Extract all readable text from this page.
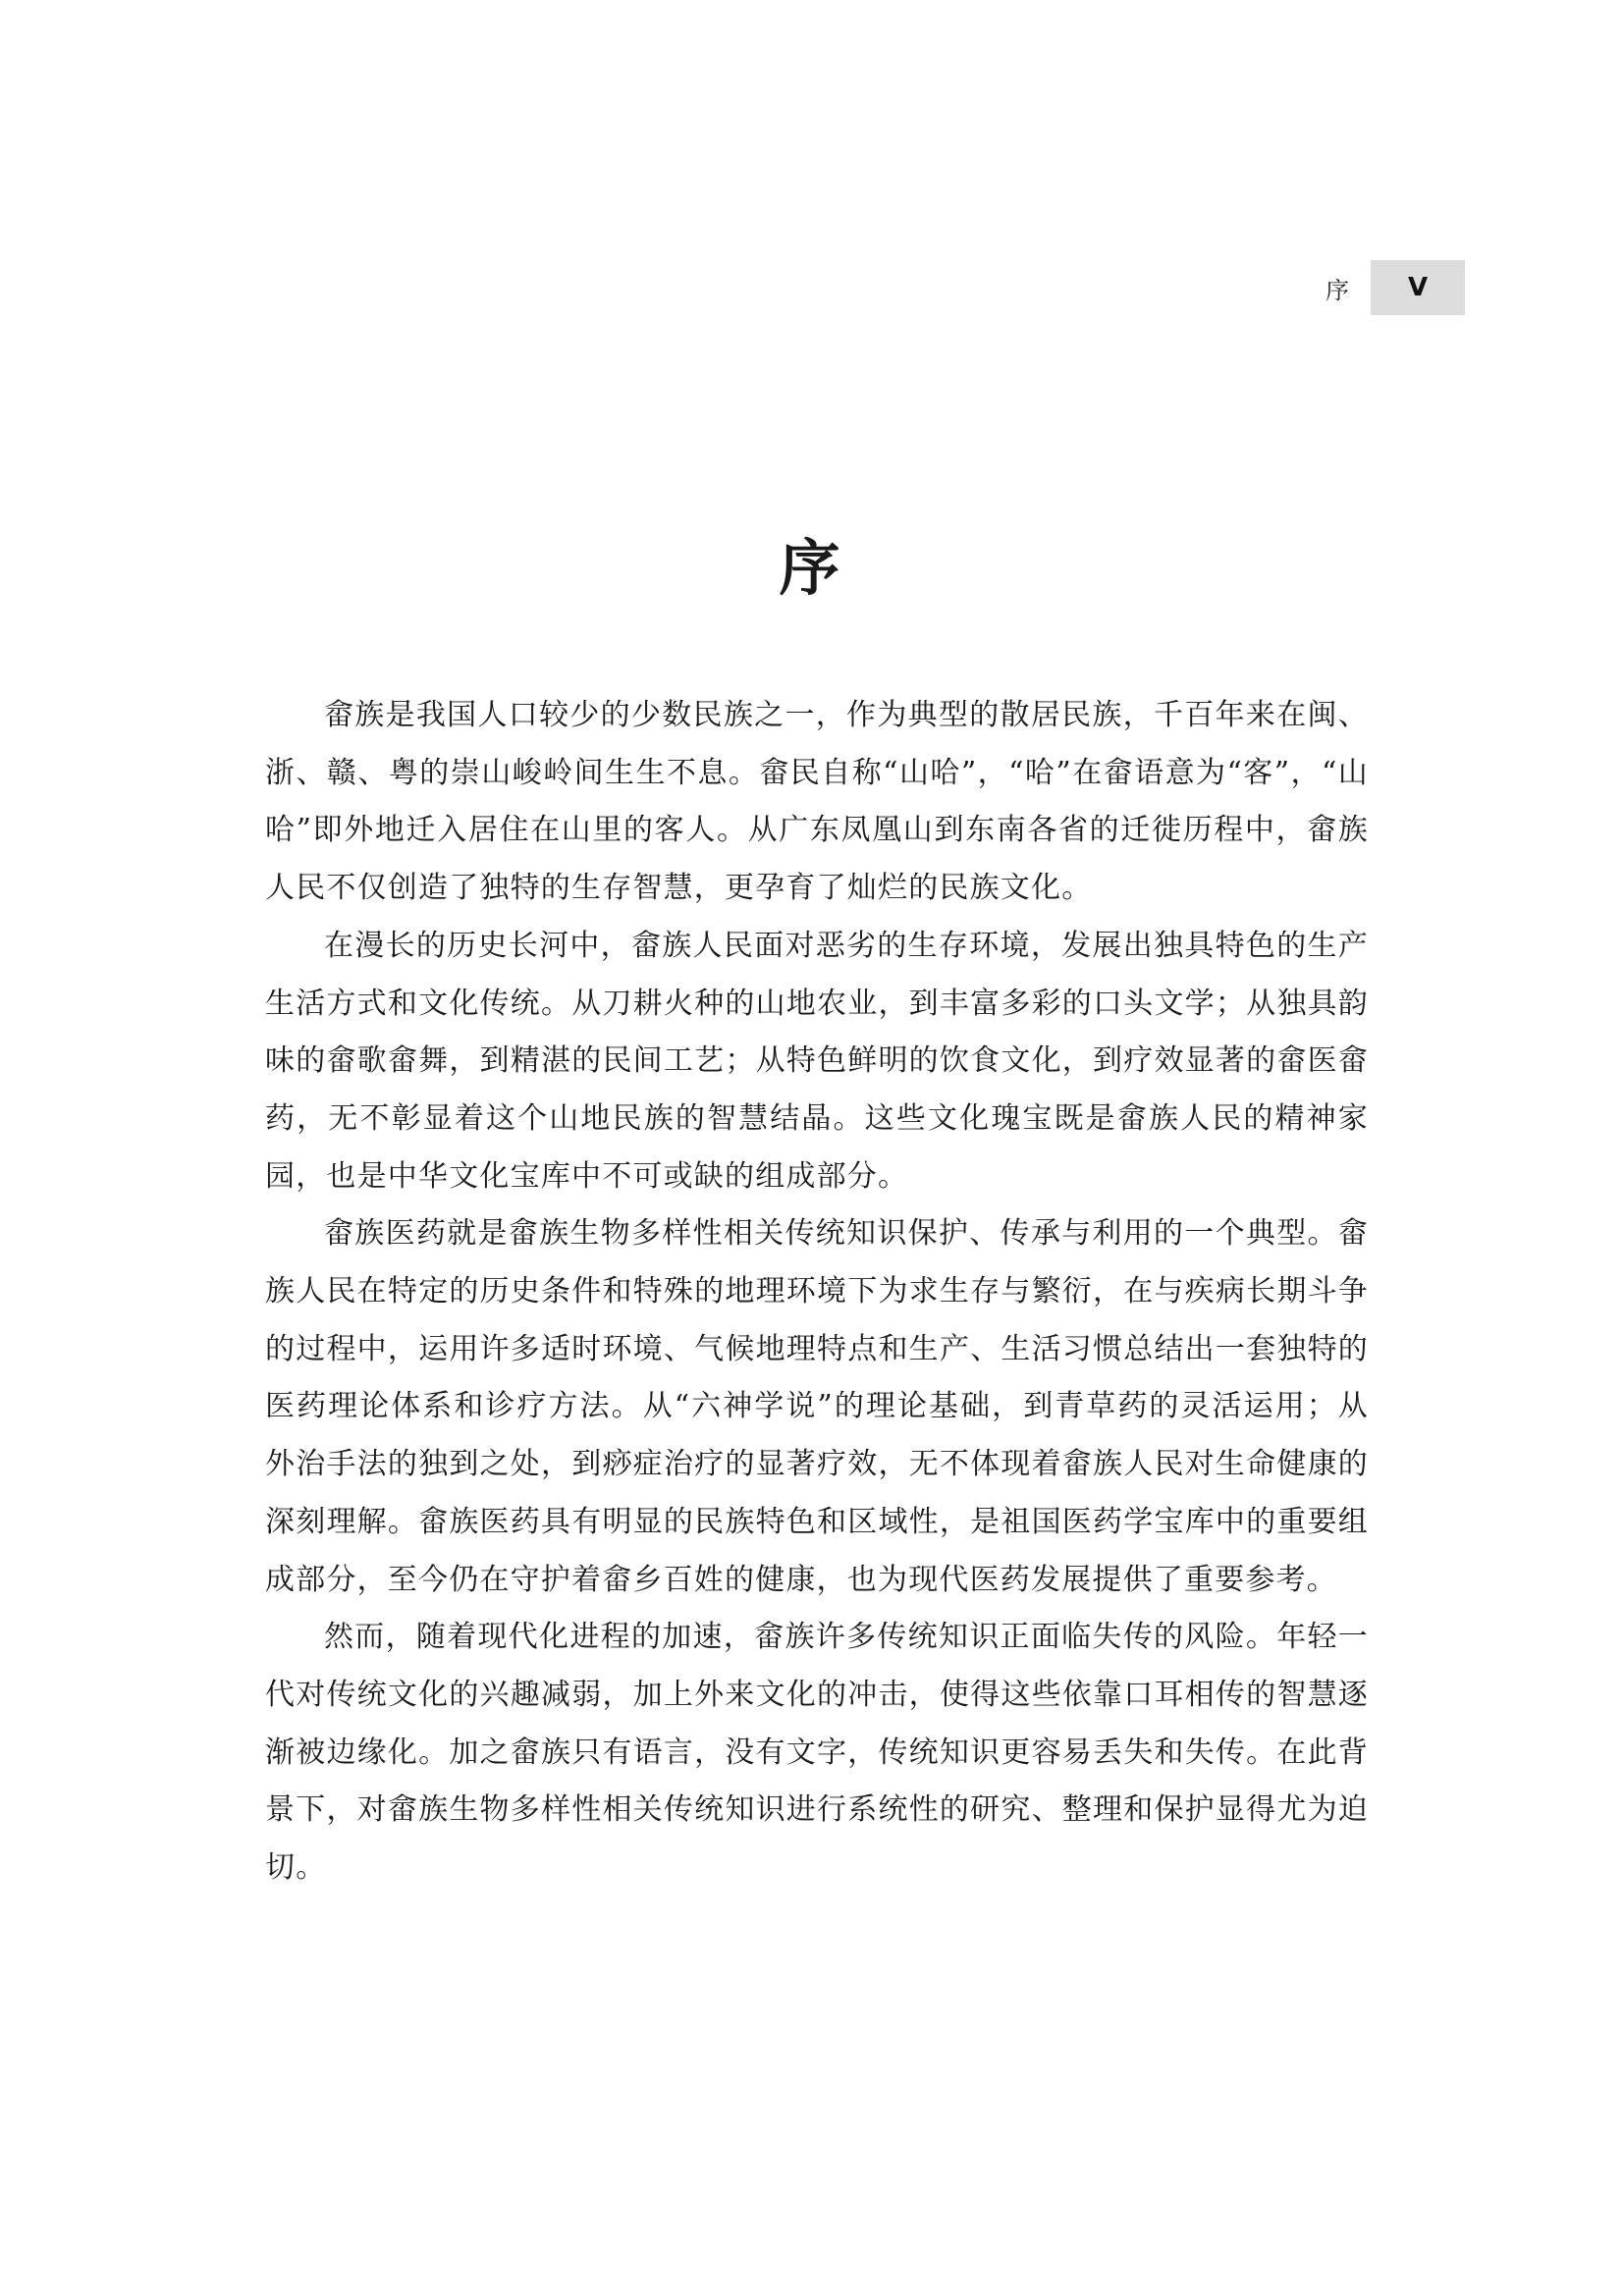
序	V
序

畲族是我国人口较少的少数民族之一，作为典型的散居民族，千百年来在闽、浙、赣、粤的崇山峻岭间生生不息。畲民自称“山哈”，“哈”在畲语意为“客”，“山哈”即外地迁入居住在山里的客人。从广东凤凰山到东南各省的迁徙历程中，畲族人民不仅创造了独特的生存智慧，更孕育了灿烂的民族文化。

在漫长的历史长河中，畲族人民面对恶劣的生存环境，发展出独具特色的生产生活方式和文化传统。从刀耕火种的山地农业，到丰富多彩的口头文学；从独具韵味的畲歌畲舞，到精湛的民间工艺；从特色鲜明的饮食文化，到疗效显著的畲医畲药，无不彰显着这个山地民族的智慧结晶。这些文化瑰宝既是畲族人民的精神家园，也是中华文化宝库中不可或缺的组成部分。

畲族医药就是畲族生物多样性相关传统知识保护、传承与利用的一个典型。畲族人民在特定的历史条件和特殊的地理环境下为求生存与繁衍，在与疾病长期斗争的过程中，运用许多适时环境、气候地理特点和生产、生活习惯总结出一套独特的医药理论体系和诊疗方法。从“六神学说”的理论基础，到青草药的灵活运用；从外治手法的独到之处，到痧症治疗的显著疗效，无不体现着畲族人民对生命健康的深刻理解。畲族医药具有明显的民族特色和区域性，是祖国医药学宝库中的重要组成部分，至今仍在守护着畲乡百姓的健康，也为现代医药发展提供了重要参考。

然而，随着现代化进程的加速，畲族许多传统知识正面临失传的风险。年轻一代对传统文化的兴趣减弱，加上外来文化的冲击，使得这些依靠口耳相传的智慧逐渐被边缘化。加之畲族只有语言，没有文字，传统知识更容易丢失和失传。在此背景下，对畲族生物多样性相关传统知识进行系统性的研究、整理和保护显得尤为迫切。
